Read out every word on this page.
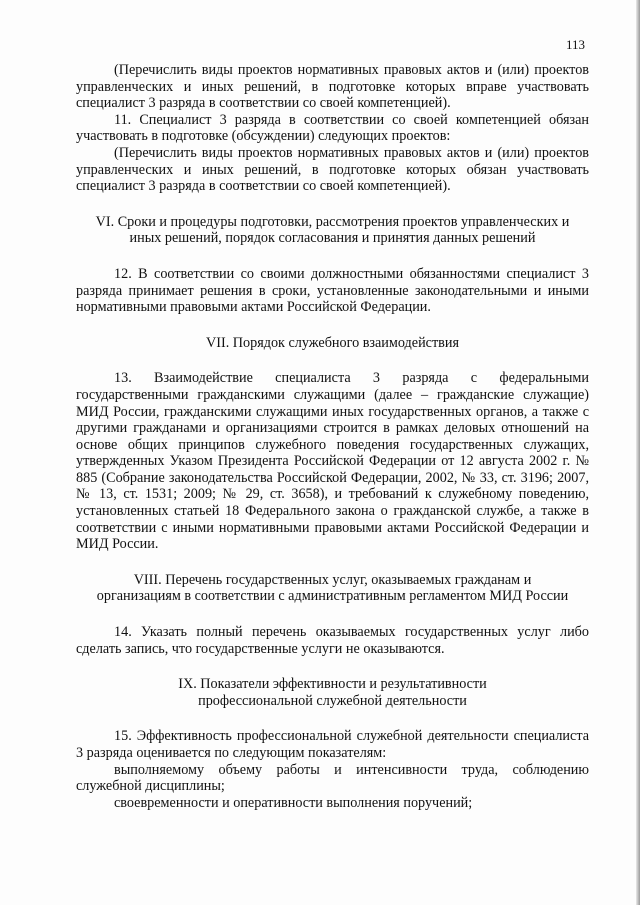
113

(Перечислить виды проектов нормативных правовых актов и (или) проектов управленческих и иных решений, в подготовке которых вправе участвовать специалист 3 разряда в соответствии со своей компетенцией).

11. Специалист 3 разряда в соответствии со своей компетенцией обязан участвовать в подготовке (обсуждении) следующих проектов:

(Перечислить виды проектов нормативных правовых актов и (или) проектов управленческих и иных решений, в подготовке которых обязан участвовать специалист 3 разряда в соответствии со своей компетенцией).

VI. Сроки и процедуры подготовки, рассмотрения проектов управленческих и
иных решений, порядок согласования и принятия данных решений

12. В соответствии со своими должностными обязанностями специалист 3 разряда принимает решения в сроки, установленные законодательными и иными нормативными правовыми актами Российской Федерации.

VII. Порядок служебного взаимодействия

13. Взаимодействие специалиста 3 разряда с федеральными государственными гражданскими служащими (далее – гражданские служащие) МИД России, гражданскими служащими иных государственных органов, а также с другими гражданами и организациями строится в рамках деловых отношений на основе общих принципов служебного поведения государственных служащих, утвержденных Указом Президента Российской Федерации от 12 августа 2002 г. № 885 (Собрание законодательства Российской Федерации, 2002, № 33, ст. 3196; 2007, № 13, ст. 1531; 2009; № 29, ст. 3658), и требований к служебному поведению, установленных статьей 18 Федерального закона о гражданской службе, а также в соответствии с иными нормативными правовыми актами Российской Федерации и МИД России.

VIII. Перечень государственных услуг, оказываемых гражданам и
организациям в соответствии с административным регламентом МИД России

14. Указать полный перечень оказываемых государственных услуг либо сделать запись, что государственные услуги не оказываются.

IX. Показатели эффективности и результативности
профессиональной служебной деятельности

15. Эффективность профессиональной служебной деятельности специалиста 3 разряда оценивается по следующим показателям:

выполняемому объему работы и интенсивности труда, соблюдению служебной дисциплины;

своевременности и оперативности выполнения поручений;
